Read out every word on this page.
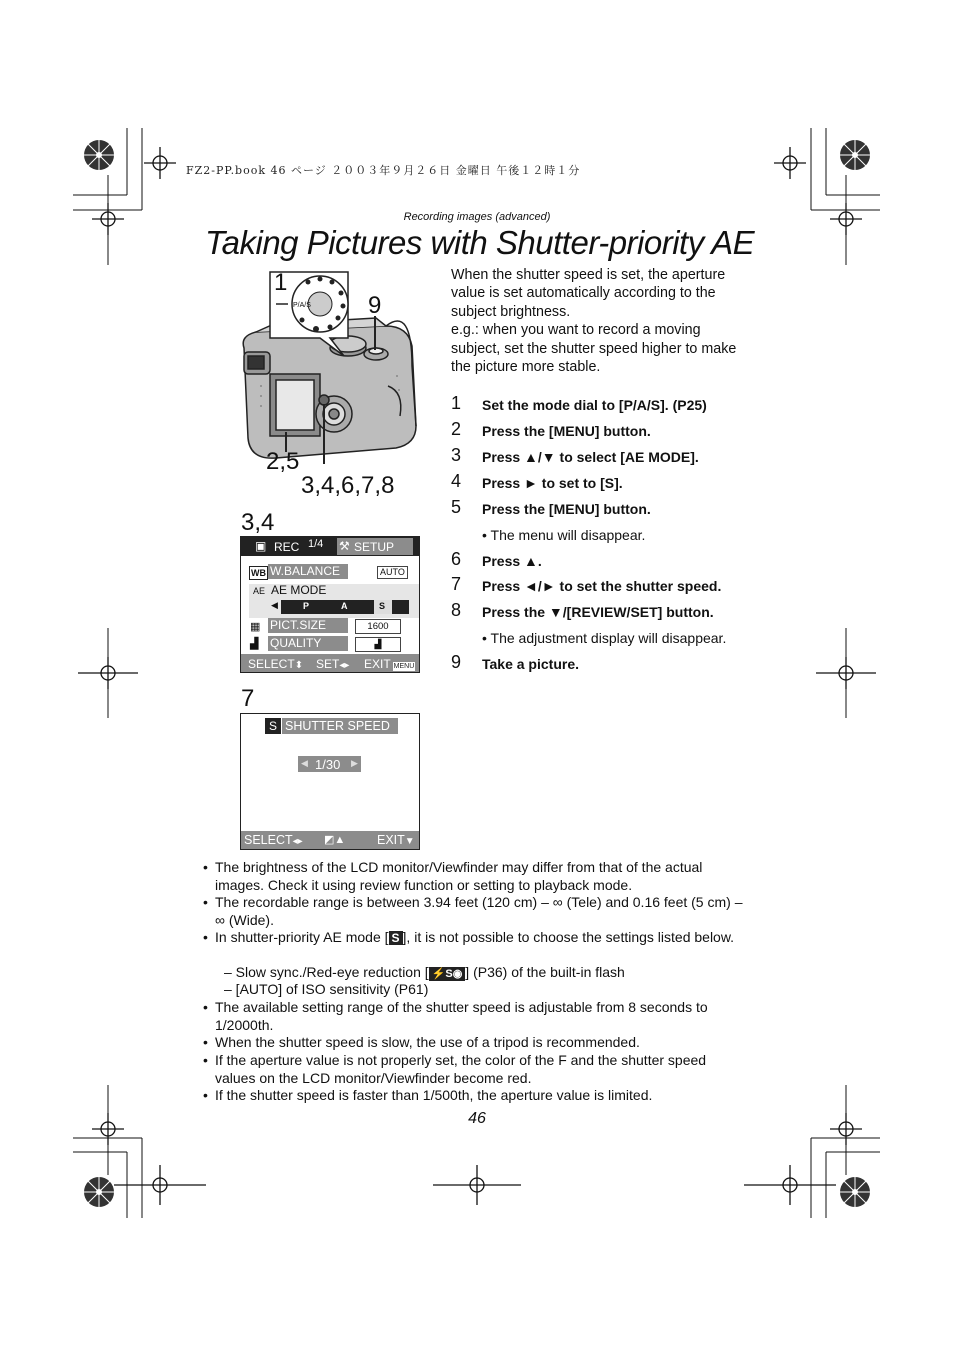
FZ2-PP.book 46 ページ ２００３年９月２６日 金曜日 午後１２時１分
Recording images (advanced)
Taking Pictures with Shutter-priority AE
P/A/S
1
9
2,5
3,4,6,7,8
3,4
▣ REC 1/4 ⚒ SETUP
WB W.BALANCE	AUTO
AE AE MODE
◀	P	A	S
▦ PICT.SIZE	1600
▟ QUALITY	▟
SELECT⬍ SET◂▸ EXIT MENU
7
S SHUTTER SPEED
◀ 1/30 ▶
SELECT◂▸ ◩▲	EXIT▼

When the shutter speed is set, the aperture value is set automatically according to the subject brightness.

e.g.: when you want to record a moving subject, set the shutter speed higher to make the picture more stable.

1 Set the mode dial to [P/A/S]. (P25)
2 Press the [MENU] button.
3 Press ▲/▼ to select [AE MODE].
4 Press ► to set to [S].
5 Press the [MENU] button.
• The menu will disappear.
6 Press ▲.
7 Press ◄/► to set the shutter speed.
8 Press the ▼/[REVIEW/SET] button.
• The adjustment display will disappear.
9 Take a picture.
• The brightness of the LCD monitor/Viewfinder may differ from that of the actual images. Check it using review function or setting to playback mode.
• The recordable range is between 3.94 feet (120 cm) – ∞ (Tele) and 0.16 feet (5 cm) – ∞ (Wide).
• In shutter-priority AE mode [ S ], it is not possible to choose the settings listed below.
– Slow sync./Red-eye reduction [ ⚡S◉ ] (P36) of the built-in flash
– [AUTO] of ISO sensitivity (P61)
• The available setting range of the shutter speed is adjustable from 8 seconds to 1/2000th.
• When the shutter speed is slow, the use of a tripod is recommended.
• If the aperture value is not properly set, the color of the F and the shutter speed values on the LCD monitor/Viewfinder become red.
• If the shutter speed is faster than 1/500th, the aperture value is limited.
46
